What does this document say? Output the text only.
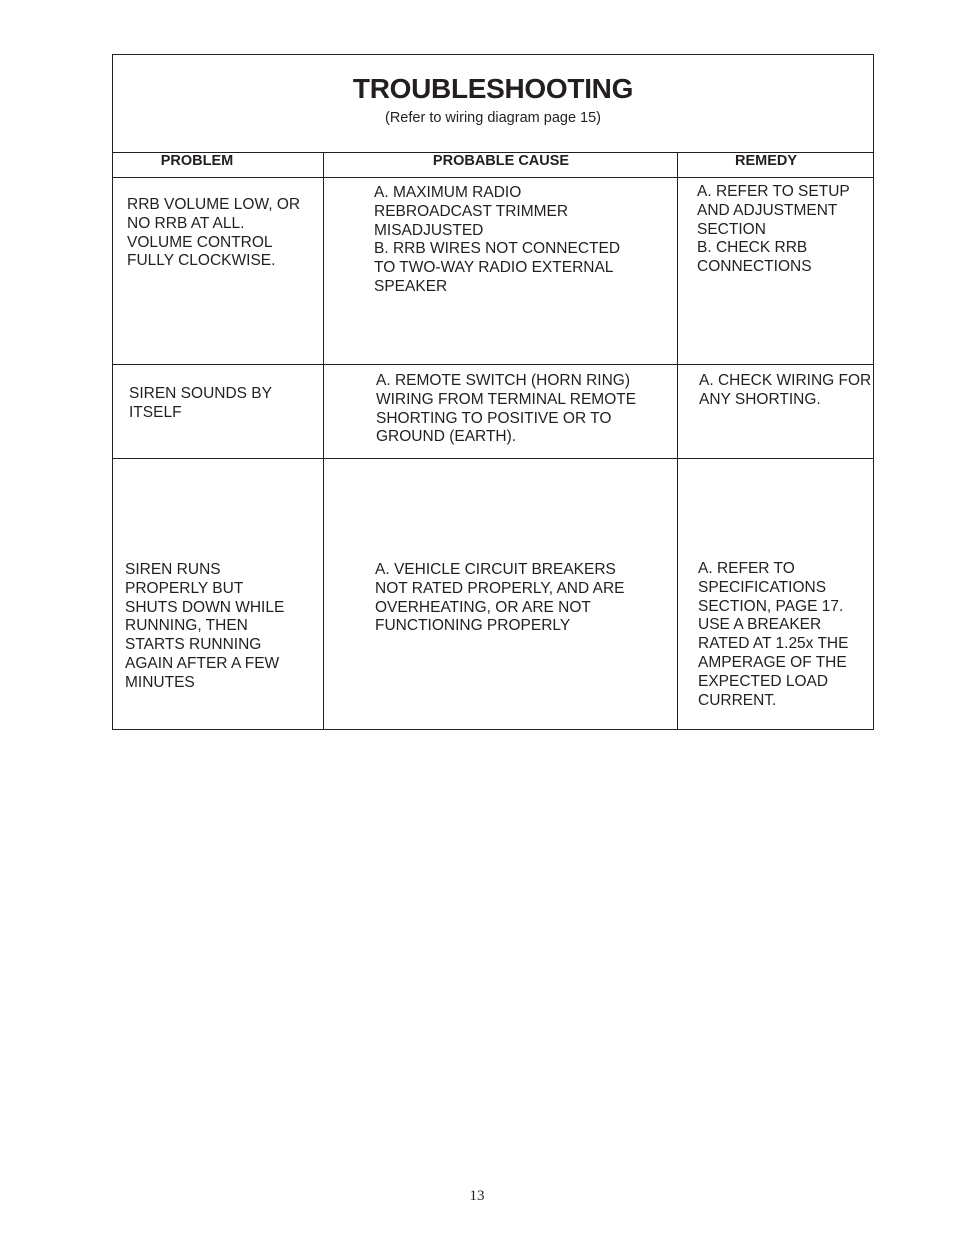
TROUBLESHOOTING
(Refer to wiring diagram page 15)
PROBLEM	PROBABLE CAUSE	REMEDY
RRB VOLUME LOW, OR
NO RRB AT ALL.
VOLUME CONTROL
FULLY CLOCKWISE.
A. MAXIMUM RADIO
REBROADCAST TRIMMER
MISADJUSTED
B. RRB WIRES NOT CONNECTED
TO TWO-WAY RADIO EXTERNAL
SPEAKER
A. REFER TO SETUP
AND ADJUSTMENT
SECTION
B. CHECK RRB
CONNECTIONS
SIREN SOUNDS BY
ITSELF
A. REMOTE SWITCH (HORN RING)
WIRING FROM TERMINAL REMOTE
SHORTING TO POSITIVE OR TO
GROUND (EARTH).
A. CHECK WIRING FOR
ANY SHORTING.
SIREN RUNS
PROPERLY BUT
SHUTS DOWN WHILE
RUNNING, THEN
STARTS RUNNING
AGAIN AFTER A FEW
MINUTES
A. VEHICLE CIRCUIT BREAKERS
NOT RATED PROPERLY, AND ARE
OVERHEATING, OR ARE NOT
FUNCTIONING PROPERLY
A. REFER TO
SPECIFICATIONS
SECTION, PAGE 17.
USE A BREAKER
RATED AT 1.25x THE
AMPERAGE OF THE
EXPECTED LOAD
CURRENT.
13
